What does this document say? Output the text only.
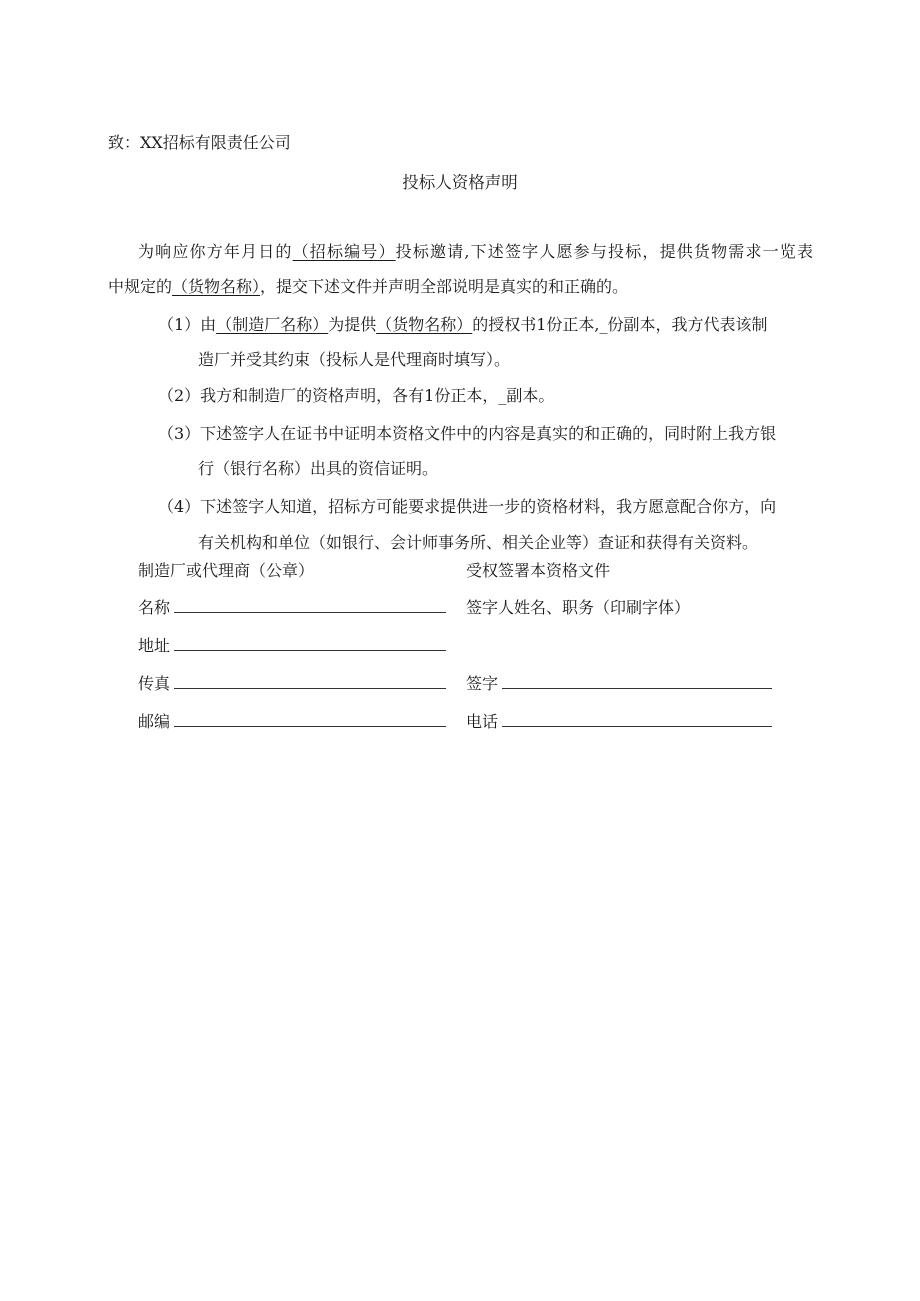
致：XX招标有限责任公司
投标人资格声明
为响应你方年月日的（招标编号）投标邀请,下述签字人愿参与投标，提供货物需求一览表
中规定的（货物名称），提交下述文件并声明全部说明是真实的和正确的。
（1）由（制造厂名称）为提供（货物名称）的授权书1份正本,_份副本，我方代表该制
造厂并受其约束（投标人是代理商时填写）。
（2）我方和制造厂的资格声明，各有1份正本，_副本。
（3）下述签字人在证书中证明本资格文件中的内容是真实的和正确的，同时附上我方银
行（银行名称）出具的资信证明。
（4）下述签字人知道，招标方可能要求提供进一步的资格材料，我方愿意配合你方，向
有关机构和单位（如银行、会计师事务所、相关企业等）查证和获得有关资料。
制造厂或代理商（公章）	受权签署本资格文件
名称	签字人姓名、职务（印刷字体）
地址
传真	签字
邮编	电话
